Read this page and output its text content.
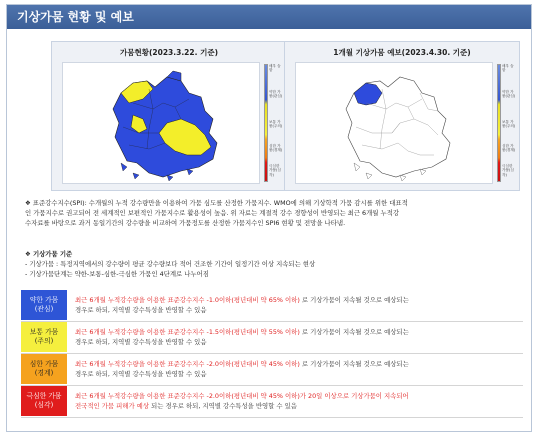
기상가뭄 현황 및 예보
가뭄현황(2023.3.22. 기준)
매우 습함
약한 가뭄(관심)
보통 가뭄(주의)
심한 가뭄(경계)
극심한 가뭄(심각)
1개월 기상가뭄 예보(2023.4.30. 기준)
매우 습함
약한 가뭄(관심)
보통 가뭄(주의)
심한 가뭄(경계)
극심한 가뭄(심각)
❖ 표준강수지수(SPI): 수개월의 누적 강수량만을 이용하여 가뭄 심도를 산정한 가뭄지수. WMO에 의해 기상학적 가뭄 감시를 위한 대표적
인 가뭄지수로 권고되어 전 세계적인 보편적인 가뭄지수로 활용성이 높음. 위 자료는 계절적 강수 경향성이 반영되는 최근 6개월 누적강
수자료를 바탕으로 과거 동일기간의 강수량을 비교하여 가뭄정도를 산정한 가뭄지수인 SPI6 현황 및 전망을 나타냄.
❖ 기상가뭄 기준
- 기상가뭄 : 특정지역에서의 강수량이 평균 강수량보다 적어 건조한 기간이 일정기간 이상 지속되는 현상
- 기상가뭄단계는 약한-보통-심한-극심한 가뭄인 4단계로 나누어짐
약한 가뭄
(관심)
최근 6개월 누적강수량을 이용한 표준강수지수 -1.0이하(평년대비 약 65% 이하) 로 기상가뭄이 지속될 것으로 예상되는
경우로 하되, 지역별 강수특성을 반영할 수 있음
보통 가뭄
(주의)
최근 6개월 누적강수량을 이용한 표준강수지수 -1.5이하(평년대비 약 55% 이하) 로 기상가뭄이 지속될 것으로 예상되는
경우로 하되, 지역별 강수특성을 반영할 수 있음
심한 가뭄
(경계)
최근 6개월 누적강수량을 이용한 표준강수지수 -2.0이하(평년대비 약 45% 이하) 로 기상가뭄이 지속될 것으로 예상되는
경우로 하되, 지역별 강수특성을 반영할 수 있음
극심한 가뭄
(심각)
최근 6개월 누적강수량을 이용한 표준강수지수 -2.0이하(평년대비 약 45% 이하)가 20일 이상으로 기상가뭄이 지속되어
전국적인 가뭄 피해가 예상 되는 경우로 하되, 지역별 강수특성을 반영할 수 있음
